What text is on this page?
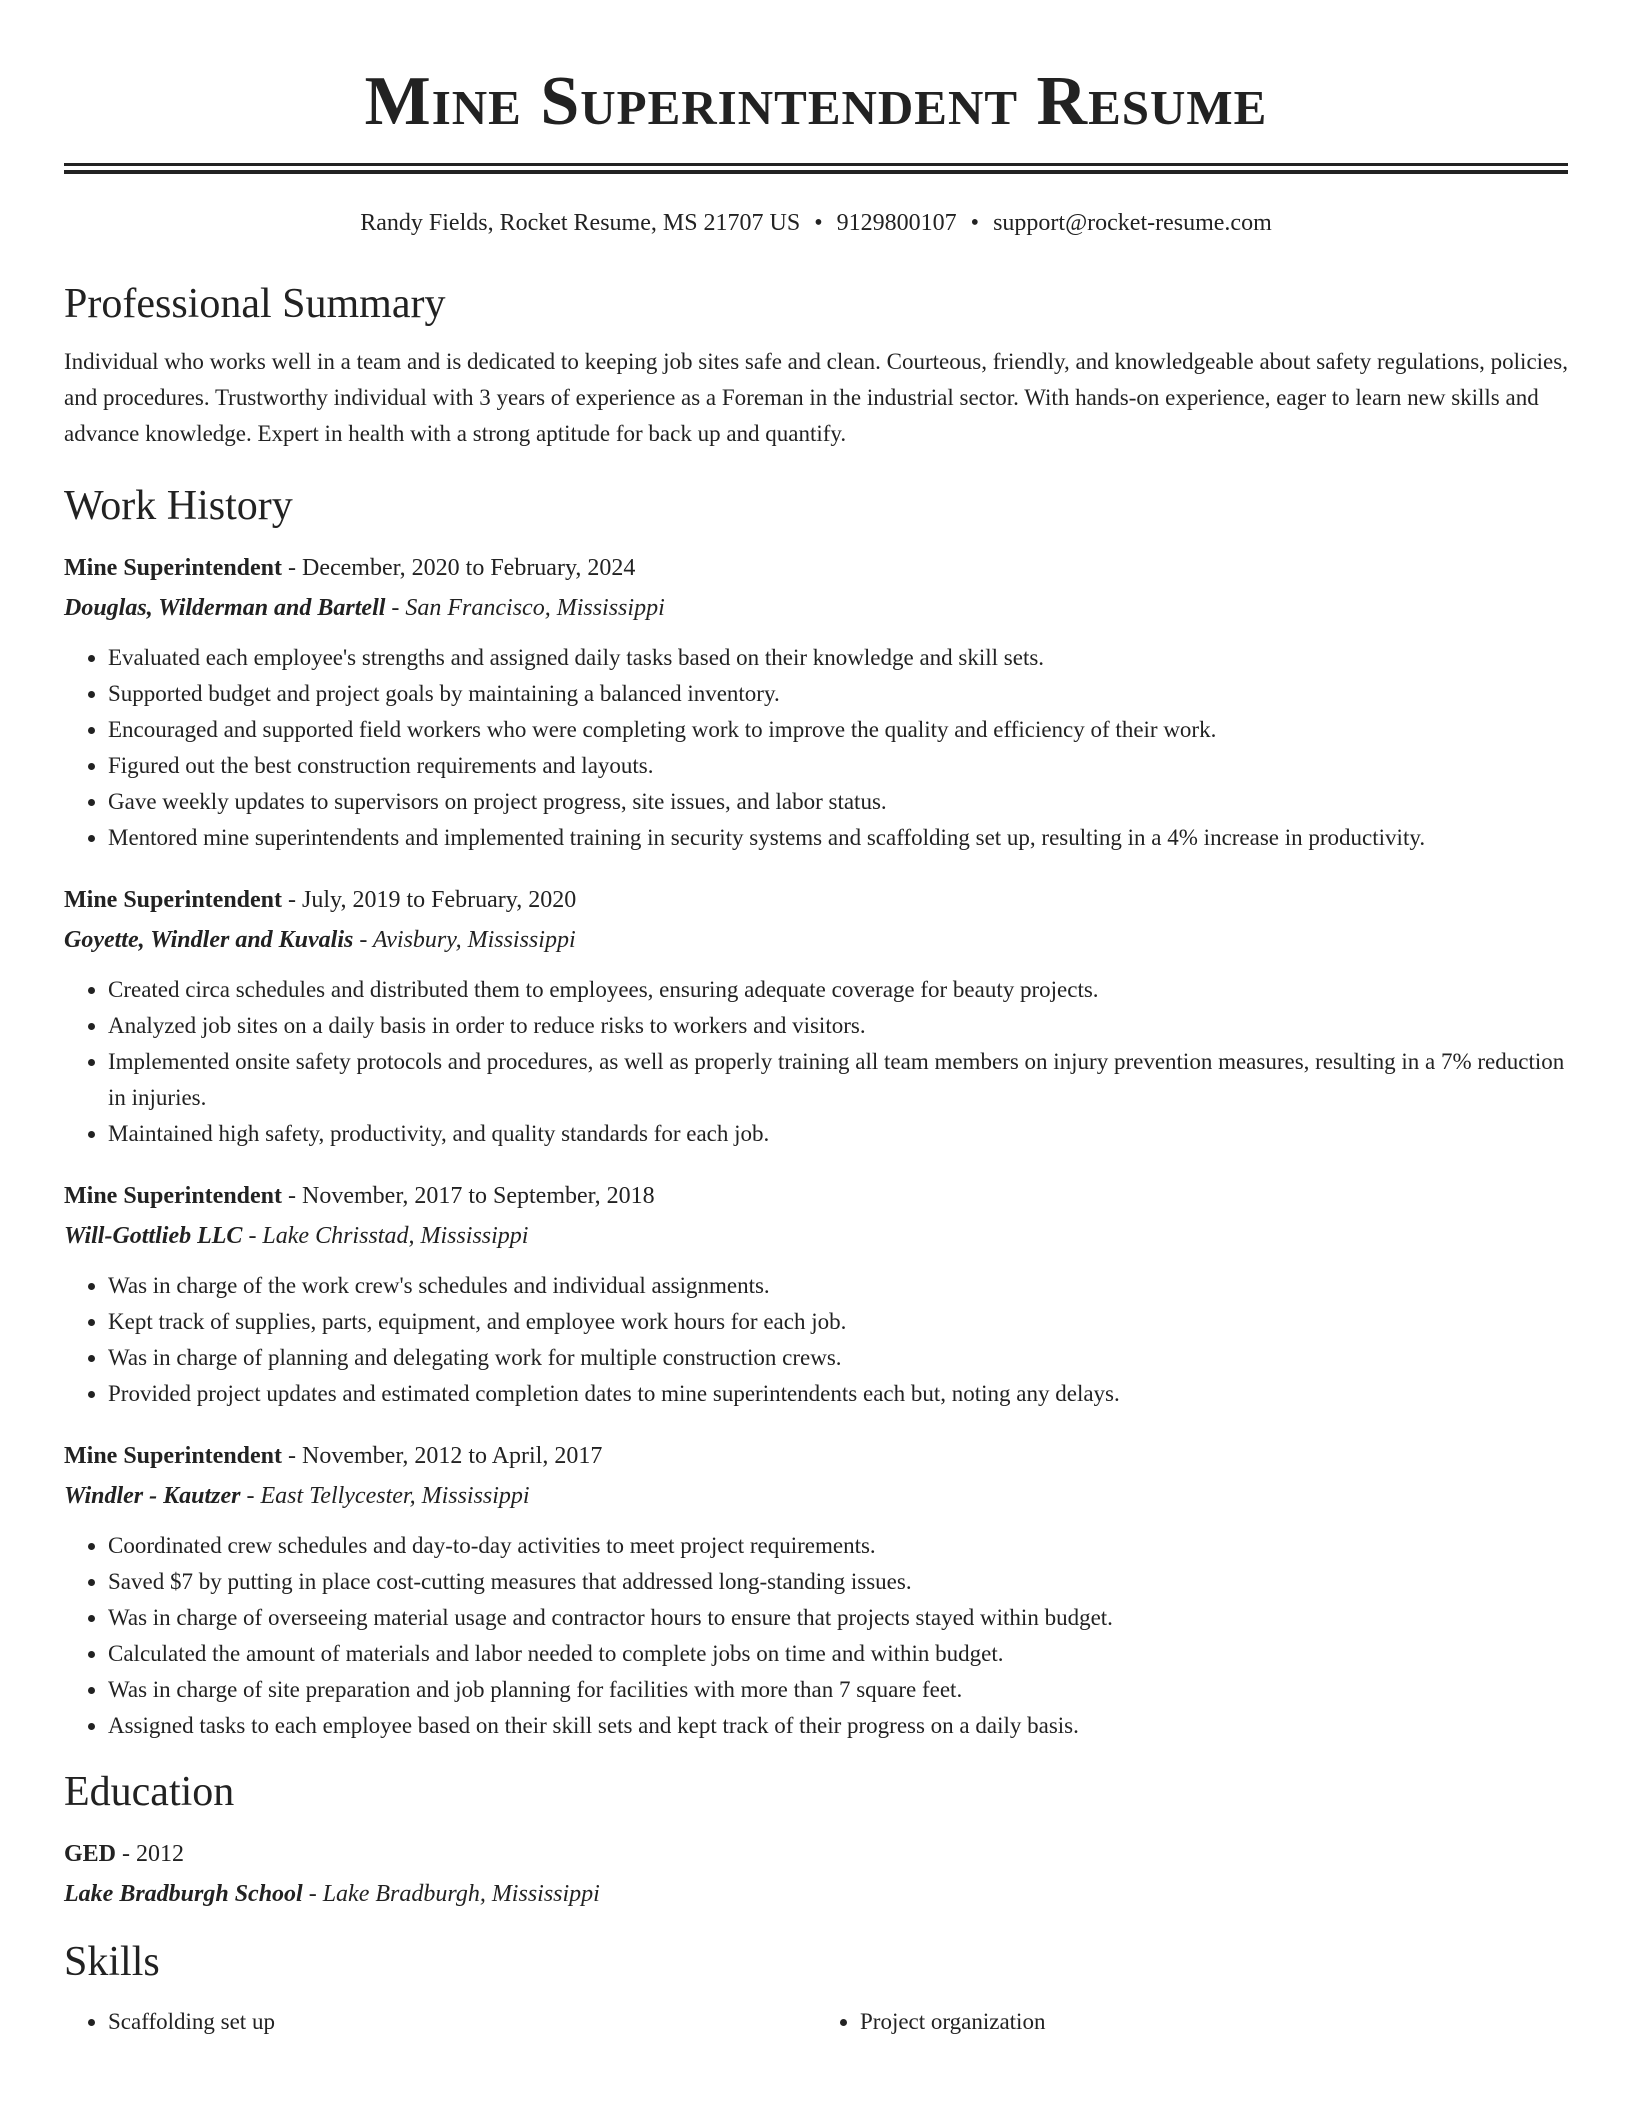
Mine Superintendent Resume
Randy Fields, Rocket Resume, MS 21707 US • 9129800107 • support@rocket-resume.com
Professional Summary

Individual who works well in a team and is dedicated to keeping job sites safe and clean. Courteous, friendly, and knowledgeable about safety regulations, policies, and procedures. Trustworthy individual with 3 years of experience as a Foreman in the industrial sector. With hands-on experience, eager to learn new skills and advance knowledge. Expert in health with a strong aptitude for back up and quantify.

Work History
Mine Superintendent - December, 2020 to February, 2024
Douglas, Wilderman and Bartell - San Francisco, Mississippi
• Evaluated each employee's strengths and assigned daily tasks based on their knowledge and skill sets.
• Supported budget and project goals by maintaining a balanced inventory.
• Encouraged and supported field workers who were completing work to improve the quality and efficiency of their work.
• Figured out the best construction requirements and layouts.
• Gave weekly updates to supervisors on project progress, site issues, and labor status.
• Mentored mine superintendents and implemented training in security systems and scaffolding set up, resulting in a 4% increase in productivity.
Mine Superintendent - July, 2019 to February, 2020
Goyette, Windler and Kuvalis - Avisbury, Mississippi
• Created circa schedules and distributed them to employees, ensuring adequate coverage for beauty projects.
• Analyzed job sites on a daily basis in order to reduce risks to workers and visitors.
• Implemented onsite safety protocols and procedures, as well as properly training all team members on injury prevention measures, resulting in a 7% reduction in injuries.
• Maintained high safety, productivity, and quality standards for each job.
Mine Superintendent - November, 2017 to September, 2018
Will-Gottlieb LLC - Lake Chrisstad, Mississippi
• Was in charge of the work crew's schedules and individual assignments.
• Kept track of supplies, parts, equipment, and employee work hours for each job.
• Was in charge of planning and delegating work for multiple construction crews.
• Provided project updates and estimated completion dates to mine superintendents each but, noting any delays.
Mine Superintendent - November, 2012 to April, 2017
Windler - Kautzer - East Tellycester, Mississippi
• Coordinated crew schedules and day-to-day activities to meet project requirements.
• Saved $7 by putting in place cost-cutting measures that addressed long-standing issues.
• Was in charge of overseeing material usage and contractor hours to ensure that projects stayed within budget.
• Calculated the amount of materials and labor needed to complete jobs on time and within budget.
• Was in charge of site preparation and job planning for facilities with more than 7 square feet.
• Assigned tasks to each employee based on their skill sets and kept track of their progress on a daily basis.
Education
GED - 2012
Lake Bradburgh School - Lake Bradburgh, Mississippi
Skills
• Scaffolding set up
•	Project organization
